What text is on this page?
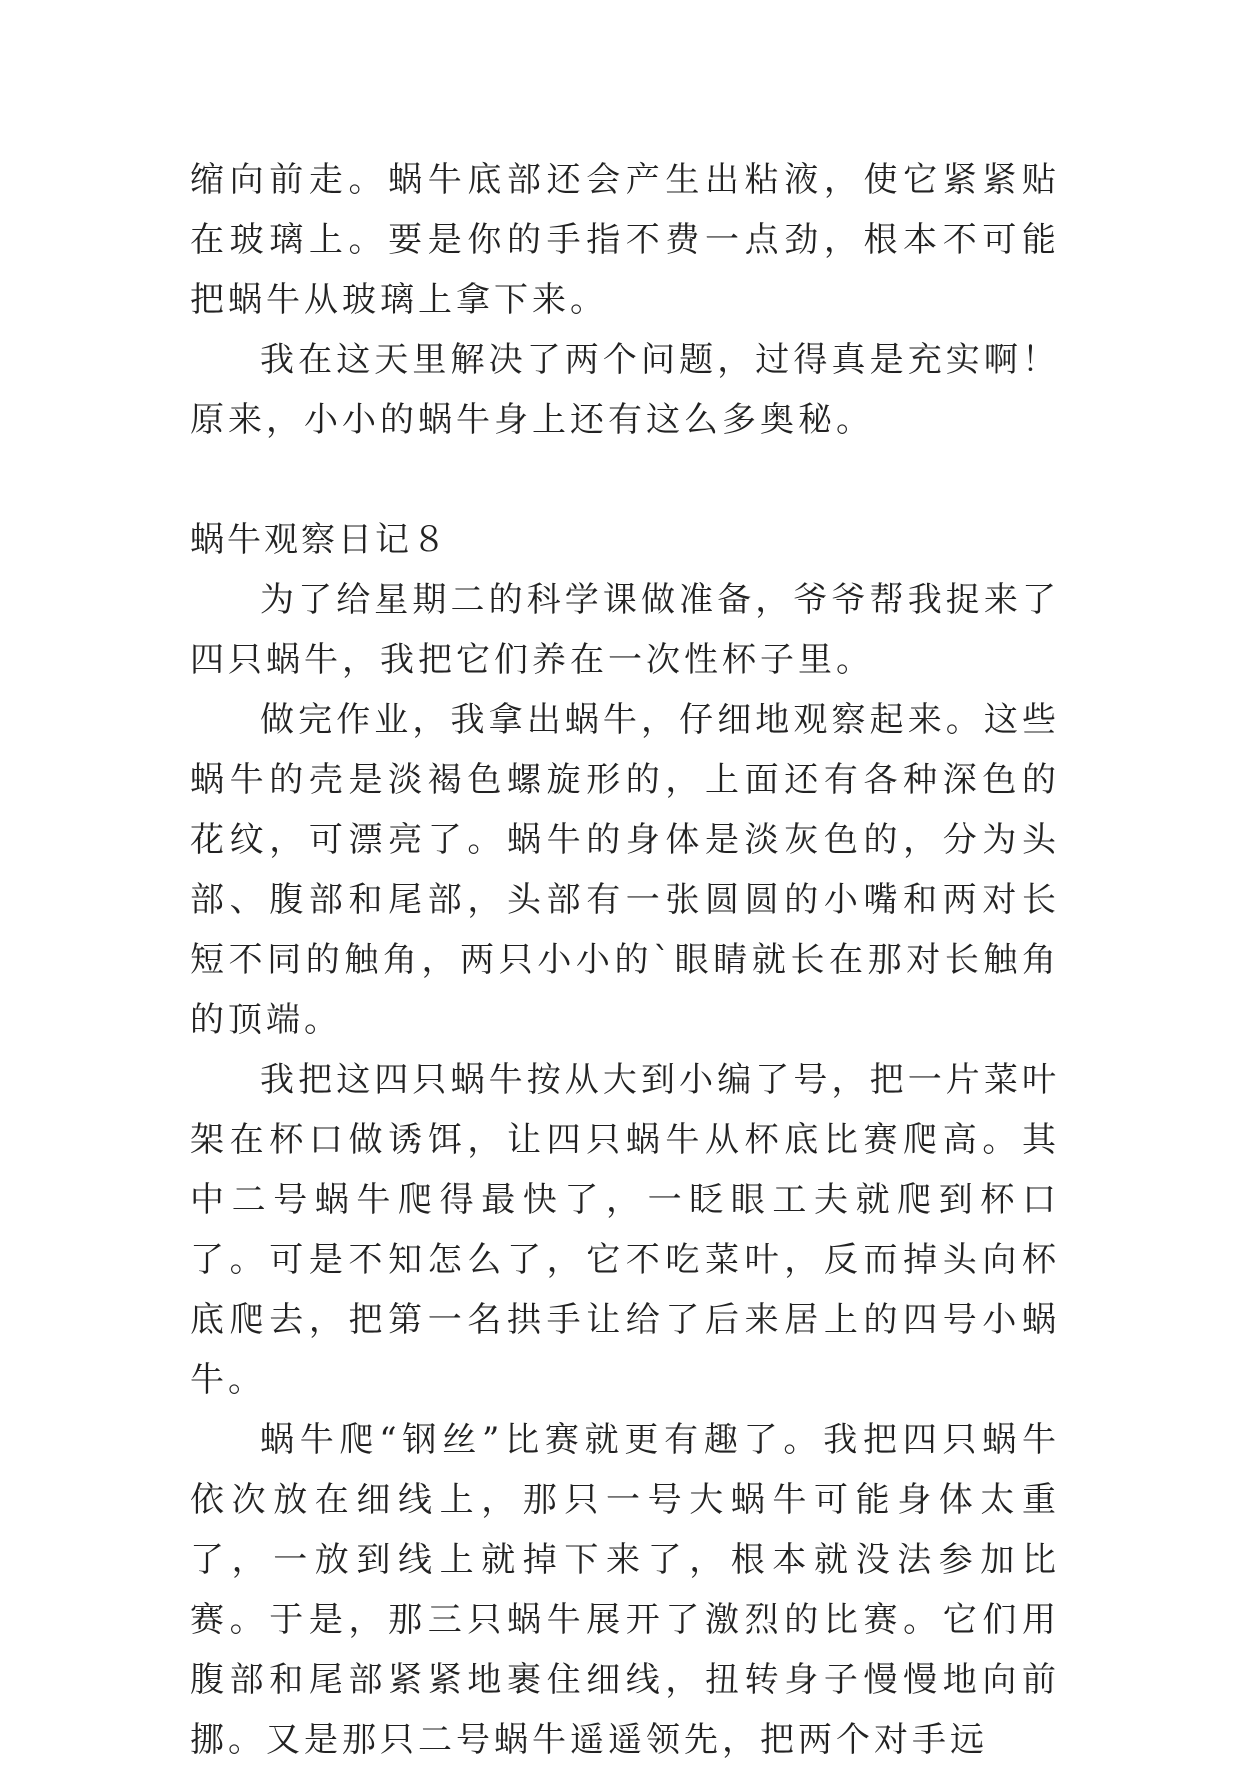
缩向前走。蜗牛底部还会产生出粘液，使它紧紧贴在玻璃上。要是你的手指不费一点劲，根本不可能把蜗牛从玻璃上拿下来。

我在这天里解决了两个问题，过得真是充实啊！原来，小小的蜗牛身上还有这么多奥秘。

蜗牛观察日记８

为了给星期二的科学课做准备，爷爷帮我捉来了四只蜗牛，我把它们养在一次性杯子里。

做完作业，我拿出蜗牛，仔细地观察起来。这些蜗牛的壳是淡褐色螺旋形的，上面还有各种深色的花纹，可漂亮了。蜗牛的身体是淡灰色的，分为头部、腹部和尾部，头部有一张圆圆的小嘴和两对长短不同的触角，两只小小的`眼睛就长在那对长触角的顶端。

我把这四只蜗牛按从大到小编了号，把一片菜叶架在杯口做诱饵，让四只蜗牛从杯底比赛爬高。其中二号蜗牛爬得最快了，一眨眼工夫就爬到杯口了。可是不知怎么了，它不吃菜叶，反而掉头向杯底爬去，把第一名拱手让给了后来居上的四号小蜗牛。

蜗牛爬“钢丝”比赛就更有趣了。我把四只蜗牛依次放在细线上，那只一号大蜗牛可能身体太重了，一放到线上就掉下来了，根本就没法参加比赛。于是，那三只蜗牛展开了激烈的比赛。它们用腹部和尾部紧紧地裹住细线，扭转身子慢慢地向前挪。又是那只二号蜗牛遥遥领先，把两个对手远
